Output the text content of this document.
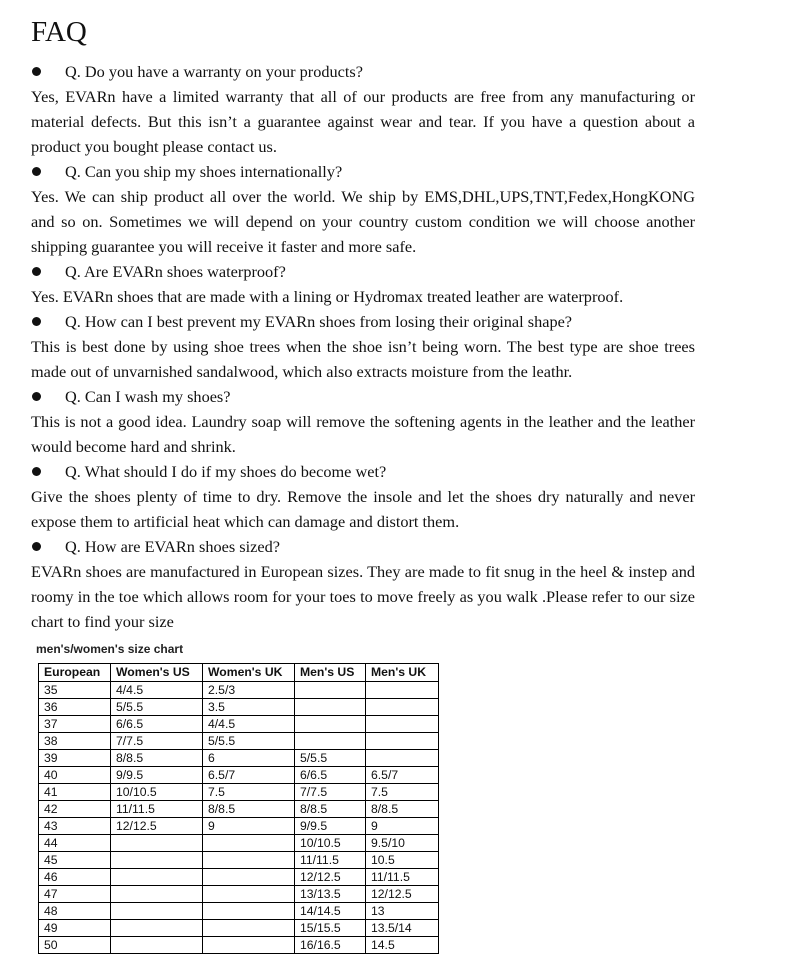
FAQ
Q. Do you have a warranty on your products?
Yes, EVARn have a limited warranty that all of our products are free from any manufacturing or material defects. But this isn’t a guarantee against wear and tear. If you have a question about a product you bought please contact us.
Q. Can you ship my shoes internationally?
Yes. We can ship product all over the world. We ship by EMS,DHL,UPS,TNT,Fedex,HongKONG and so on. Sometimes we will depend on your country custom condition we will choose another shipping guarantee you will receive it faster and more safe.
Q. Are EVARn shoes waterproof?
Yes. EVARn shoes that are made with a lining or Hydromax treated leather are waterproof.
Q. How can I best prevent my EVARn shoes from losing their original shape?
This is best done by using shoe trees when the shoe isn’t being worn. The best type are shoe trees made out of unvarnished sandalwood, which also extracts moisture from the leathr.
Q. Can I wash my shoes?
This is not a good idea. Laundry soap will remove the softening agents in the leather and the leather would become hard and shrink.
Q. What should I do if my shoes do become wet?
Give the shoes plenty of time to dry. Remove the insole and let the shoes dry naturally and never expose them to artificial heat which can damage and distort them.
Q. How are EVARn shoes sized?
EVARn shoes are manufactured in European sizes. They are made to fit snug in the heel & instep and roomy in the toe which allows room for your toes to move freely as you walk .Please refer to our size chart to find your size
men's/women's size chart
European	Women's US	Women's UK	Men's US	Men's UK
35	4/4.5	2.5/3		
36	5/5.5	3.5		
37	6/6.5	4/4.5		
38	7/7.5	5/5.5		
39	8/8.5	6	5/5.5	
40	9/9.5	6.5/7	6/6.5	6.5/7
41	10/10.5	7.5	7/7.5	7.5
42	11/11.5	8/8.5	8/8.5	8/8.5
43	12/12.5	9	9/9.5	9
44			10/10.5	9.5/10
45			11/11.5	10.5
46			12/12.5	11/11.5
47			13/13.5	12/12.5
48			14/14.5	13
49			15/15.5	13.5/14
50			16/16.5	14.5
